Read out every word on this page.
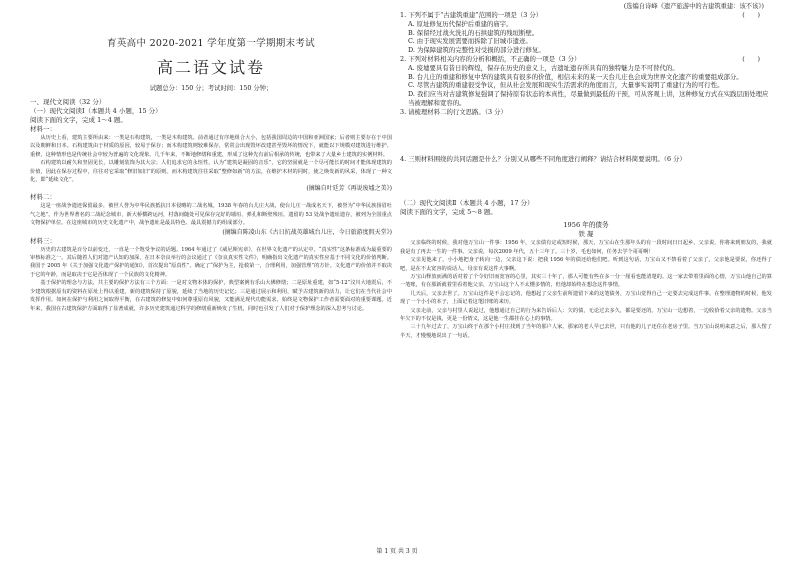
育英高中 2020-2021 学年度第一学期期末考试
高二语文试卷
试题总分：150 分；考试时间：150 分钟；

一、现代文阅读（32 分）

（一）现代文阅读Ⅰ（本题共 4 小题，15 分）

阅读下面的文字，完成 1～4 题。

材料一：

从历史上看，建筑主要所由来：一类是石构建筑，一类是木构建筑。前者通过有序地组合大小，包括我国周边的中国和亚洲国家；后者则主要存在于中国以及朝鲜和日本。石构建筑由于材质的原因，较易于保存；而木构建筑则较难保存，常常会出现毁坏改建甚至毁坏的情况下，就能以下规模对建筑进行维护、重修，这种情形也是传统社会中较为普遍的文化现象。几千年来，不断地修缮和重建，形成了这种先有前后相承的传统，也带来了大量乡土建筑的实例材料。

石构建筑以耐久和坚固见长，以雕刻装饰为其大宗；人们追求它的永恒性，认为“建筑是凝固的音乐”，它的坚固就是一个尽可能长的时间才能体现建筑的价值，因此在保存过程中，往往对它采取“修旧如旧”的原则。而木构建筑往往采取“整修如新”的方法，在维护木材的同时，使之焕发新的风采，体现了一种文化，即“延续文化”。

(摘编自叶廷芳《再说废墟之美》)

材料二：

这是一座战争遗迹保留最多，被世人誉为中华民族抵抗日本侵略的二战名城。1938 年春的台儿庄大战，使台儿庄一战成名天下，被誉为“中华民族扬眉吐气之地”。作为世界著名的二战纪念城市，新大桥横跨运河，村落间随处可见保存完好的墙垣、弹孔和断壁残垣。遗留的 53 处战争遗址遗存，被列为全国重点文物保护单位。在这座城市的历史文化遗产中，战争遗址是最具特色、最具震撼力的组成部分。

(摘编自陈凌山东《古日抗战英雄城台儿庄，今日旅游度假天堂》)

材料三：

历史的古建筑是百分以前变迁，一直是一个饱受争议的话题。1964 年通过了《威尼斯宪章》，在世界文化遗产的认定中，“真实性”这条标准成为最重要的审核标准之一。其后随着人们对遗产认知的加深，在日本奈良举行的会议通过了《奈良真实性文件》，明确指出文化遗产的真实性应基于不同文化的价值判断。我国于 2005 年《关于加强文化遗产保护的通知》，首次提出“原真性”，确定了“保护为主，抢救第一，合理利用，加强管理”的方针。文化遗产的价值并不取决于它的年龄，而是取决于它是否体现了一个民族的文化精神。

基于保护的理念与方法，共主要的保护方法有三个方面：一是对文物本体的保护，典型案例有乐山大佛修缮；二是原址重建，如“5·12”汶川大地震后，不少建筑根据原有的资料在原址上得以重建，新的建筑保持了原貌，延续了当地的历史记忆；三是通过展示和利用，赋予古建筑新的活力，让它们在当代社会中发挥作用。如何在保护与利用之间取得平衡，在古建筑的修复中如何尊重原有风貌，又能满足现代功能需求，始终是文物保护工作者需要面对的重要课题。近年来，我国在古建筑保护方面取得了显著成就，许多历史建筑通过科学的修缮重新焕发了生机，同时也引发了人们对于保护理念的深入思考与讨论。

(选编自诗峰《遗产旅游中的古建筑重建：该不该》)

1. 下列不属于“古建筑重建”范围的一项是（3 分）	(　　)

A. 原址修复历代保护后重建的庙宇。

B. 保留经过战火洗礼的石拱建筑的残垣断壁。

C. 由于现实发展需要而拆除了旧城市遗迹。

D. 为保障建筑的完整性对受损的部分进行修复。

2. 下列对材料相关内容的分析和概括，不正确的一项是（3 分）	(　　)

A. 废墟要具有昔日的辉煌，保存在历史的意义上，古遗址遗存所具有的独特魅力是不可替代的。

B. 台儿庄的重建和修复中华的建筑具有很多的价值，相信未来的某一天台儿庄也会成为世界文化遗产的重要组成部分。

C. 尽管古建筑的重建很受争议，但从社会发展和现实生活需求的角度而言，大量事实说明了重建行为的可行性。

D. 我们应当对古建筑修复强调了保持原有状态的本真性，尽量做到最低的干预，可从客观上讲，这种修复方式在实践层面处理应当被理解和宽容的。

3. 请梳理材料二的行文思路。（3 分）

4. 三则材料围绕的共同话题是什么？分别又从哪些不同角度进行阐释？请结合材料简要说明。（6 分）

（二）现代文阅读Ⅱ（本题共 4 小题，17 分）

阅读下面的文字，完成 5～8 题。

1956 年的债务

铁 凝

父亲临终的时候，我对他万宝山一件事：1956 年，父亲债有定或短时候，那天，万宝山在生那年头的有一段时间日日起乡，父亲说，你将来到朋友的，我就我是有了再去一生的一件事。父亲说，每次2009 年代，五十三年了。三十岁，毛也如何，任务去学个哥哥啊！

父亲见他来了，小小地把身子转向一边，父亲这下说：把我 1956 年的债还给他们吧。听到这句话，万宝山又不禁看着了父亲了，父亲他是要说，你还得了吧，是在不太宽容的说话人。母亲有说这件大事啊。

万宝山释放而满的话对着了个令好旧而宽容的心里，其实三十年了，那人可能有些在多一分一厘看也能清楚的。这一家去带着里面的心情，万宝山他自己的算一笔账，有在那新就着里看着他父亲，万宝山这个人不太懂多情的，但他却始终在想念这件事情。

几天后，父亲去世了。万宝山这件是不会忘记的，他想起了父亲生前所遗留下来的这笔债务，万宝山觉得自己一定要去完成这件事。在整理遗物的时候，他发现了一个小小的本子，上面记着这笔旧账的来历。

父亲走前，父亲与村里人说起过，他想通过自己的行为来告诉后人：欠的债，无论过去多久，都是要还的。万宝山一边想着，一边收拾着父亲的遗物。父亲当年欠下的不仅是钱，更是一份情义，这是他一生都挂在心上的事情。

三十九年过去了，万宝山终于在那个小村庄找到了当年的那户人家。那家的老人早已去世，只有他的儿子还住在老房子里。当万宝山说明来意之后，那人愣了半天，才慢慢地说出了一句话。

第 1 页 共 3 页
